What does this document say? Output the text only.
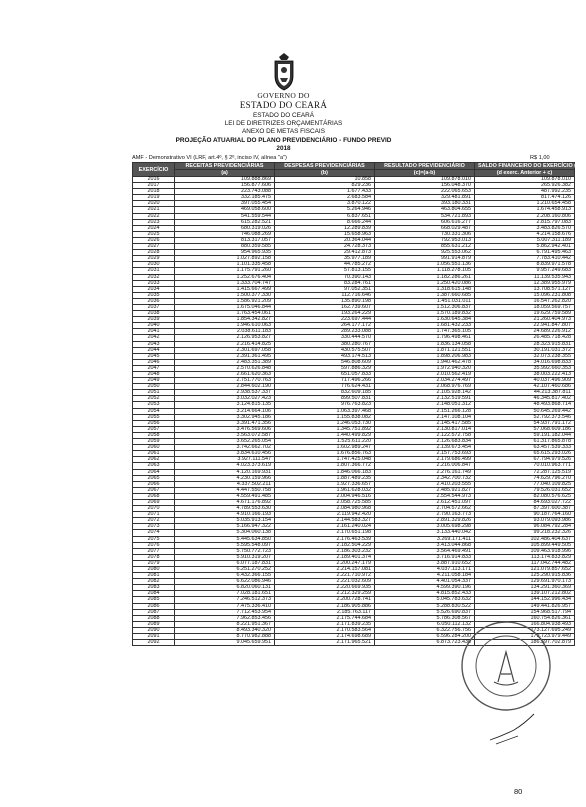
GOVERNO DO
ESTADO DO CEARÁ
ESTADO DO CEARÁ
LEI DE DIRETRIZES ORÇAMENTÁRIAS
ANEXO DE METAS FISCAIS
PROJEÇÃO ATUARIAL DO PLANO PREVIDENCIÁRIO - FUNDO PREVID
2018
AMF - Demonstrativo VI (LRF, art.4º, § 2º, inciso IV, alínea "a")	R$ 1,00
EXERCÍCIO	RECEITAS PREVIDENCIÁRIAS	DESPESAS PREVIDENCIÁRIAS	RESULTADO PREVIDENCIÁRIO	SALDO FINANCEIRO DO EXERCÍCIO (d) =
	(a)	(b)	(c)=(a-b)	(d exerc. Anterior + c)
2016	109.888.869	10.858	109.878.010	109.878.010
2017	156.877.606	829.236	156.048.370	265.926.382
2018	223.743.088	1.677.433	222.065.653	487.992.235
2019	332.185.475	2.683.584	329.481.891	817.474.126
2020	397.055.454	3.870.122	393.180.331	1.210.654.458
2021	469.058.600	5.264.946	463.804.655	1.674.458.913
2022	541.559.544	6.837.651	534.721.893	2.208.160.806
2023	615.282.521	8.666.244	606.616.277	2.815.797.083
2024	680.319.026	12.289.839	668.029.487	3.483.826.570
2025	746.088.269	15.658.963	730.331.306	4.214.158.676
2026	813.317.057	20.364.044	792.953.013	5.007.311.189
2027	880.359.585	24.728.373	855.631.212	5.862.942.401
2028	954.965.935	29.412.873	925.553.062	6.791.495.463
2029	1.027.892.158	35.977.189	991.914.879	7.783.410.442
2030	1.101.335.458	44.785.272	1.056.551.136	8.839.971.578
2031	1.175.791.260	57.813.155	1.118.278.105	9.957.249.683
2032	1.252.676.404	70.390.143	1.182.286.261	11.139.535.943
2033	1.333.704.747	83.284.761	1.250.420.086	12.389.955.979
2034	1.415.667.499	97.052.351	1.318.615.148	13.708.571.127
2035	1.500.377.330	112.716.646	1.387.660.685	15.096.231.808
2036	1.586.921.209	135.890.198	1.451.031.011	16.547.262.820
2037	1.675.046.844	162.739.607	1.512.306.837	18.059.569.757
2038	1.763.454.061	193.264.229	1.570.189.832	19.629.759.589
2039	1.854.342.827	223.697.444	1.630.645.384	21.260.404.973
2040	1.946.610.063	264.177.172	1.681.432.233	22.941.847.807
2041	2.038.611.183	289.233.088	1.747.365.105	24.689.226.912
2042	2.126.953.827	330.444.570	1.796.498.461	26.485.718.428
2043	2.216.414.825	380.280.767	1.836.134.058	28.323.915.831
2044	2.301.697.058	430.575.507	1.871.121.551	30.191.031.372
2045	2.391.361.495	493.174.513	1.898.206.983	32.073.238.355
2046	2.483.351.389	546.808.609	1.940.462.478	34.016.698.833
2047	2.570.626.848	597.886.329	1.972.940.320	35.992.660.353
2048	2.661.620.363	651.057.833	2.010.562.419	38.003.222.413
2049	2.751.770.763	717.496.266	2.034.274.497	40.037.496.909
2050	2.844.602.190	776.624.431	2.068.976.769	42.107.460.686
2051	2.938.537.337	832.609.185	2.105.928.142	44.213.387.811
2052	3.032.027.423	899.507.831	2.132.519.591	46.345.817.402
2053	3.124.815.135	976.763.823	2.148.051.312	48.493.868.714
2054	3.214.664.106	1.063.397.468	2.151.266.128	50.645.269.442
2055	3.302.945.186	1.155.838.082	2.147.108.104	52.792.373.546
2056	3.391.471.356	1.246.053.730	2.145.417.585	54.937.791.172
2057	3.476.569.606	1.345.751.892	2.130.817.014	57.068.609.186
2058	3.563.072.587	1.440.499.829	2.122.572.758	59.191.182.044
2059	3.652.265.054	1.525.611.220	2.126.683.834	61.317.865.878
2060	3.742.662.702	1.602.989.247	2.139.673.454	63.457.539.333
2061	3.834.610.456	1.676.856.763	2.157.753.693	65.615.293.026
2062	3.927.111.547	1.747.425.048	2.179.686.499	67.794.979.526
2063	4.023.373.619	1.807.366.772	2.216.006.847	70.010.963.771
2064	4.120.169.931	1.846.066.183	2.276.161.749	72.287.125.519
2065	4.230.159.966	1.887.489.235	2.342.700.732	74.629.796.270
2066	4.337.502.211	1.927.336.657	2.410.203.555	77.040.109.825
2067	4.447.550.758	1.961.628.032	2.485.921.827	79.526.031.652
2068	4.559.491.485	2.004.946.516	2.554.544.973	82.080.576.625
2069	4.671.176.892	2.058.725.585	2.612.451.097	84.693.027.722
2070	4.789.553.630	2.084.980.968	2.704.572.662	87.397.600.387
2071	4.910.166.193	2.119.942.420	2.790.163.773	90.187.764.160
2072	5.035.913.154	2.144.583.327	2.891.329.826	93.079.093.986
2073	5.166.947.322	2.161.240.024	3.005.698.298	96.084.792.284
2074	5.304.060.138	2.170.651.198	3.133.440.042	99.218.232.326
2075	5.445.634.850	2.176.463.539	3.269.171.411	102.486.404.637
2076	5.595.548.097	2.182.504.229	3.413.044.868	105.899.449.505
2077	5.750.772.723	2.186.303.232	3.564.469.491	109.463.918.996
2078	5.910.319.207	2.189.401.374	3.716.914.833	113.174.833.829
2079	6.077.187.831	2.200.247.179	3.887.910.652	117.042.744.482
2080	6.251.270.252	2.214.157.081	4.037.113.171	121.079.857.652
2081	6.432.366.155	2.221.710.972	4.211.058.184	125.290.915.836
2082	6.622.086.946	2.221.032.609	4.401.054.337	129.691.970.173
2083	6.820.060.131	2.220.669.935	4.599.390.196	134.291.360.369
2084	7.028.181.651	2.212.329.259	4.815.852.433	139.107.212.802
2085	7.246.512.373	2.200.728.741	5.045.783.632	144.152.996.434
2086	7.475.336.410	2.186.905.886	5.288.830.522	149.441.826.957
2087	7.712.453.954	2.185.763.117	5.526.690.837	154.968.517.794
2088	7.962.853.456	2.175.744.684	5.786.308.567	160.754.826.361
2089	8.221.951.367	2.171.839.235	6.050.112.132	166.804.938.493
2090	8.493.340.320	2.170.583.564	6.322.756.756	173.127.695.249
2091	8.770.982.888	2.174.698.689	6.596.284.200	179.723.979.449
2092	9.045.659.951	2.171.965.521	6.873.723.430	186.597.702.879
80
